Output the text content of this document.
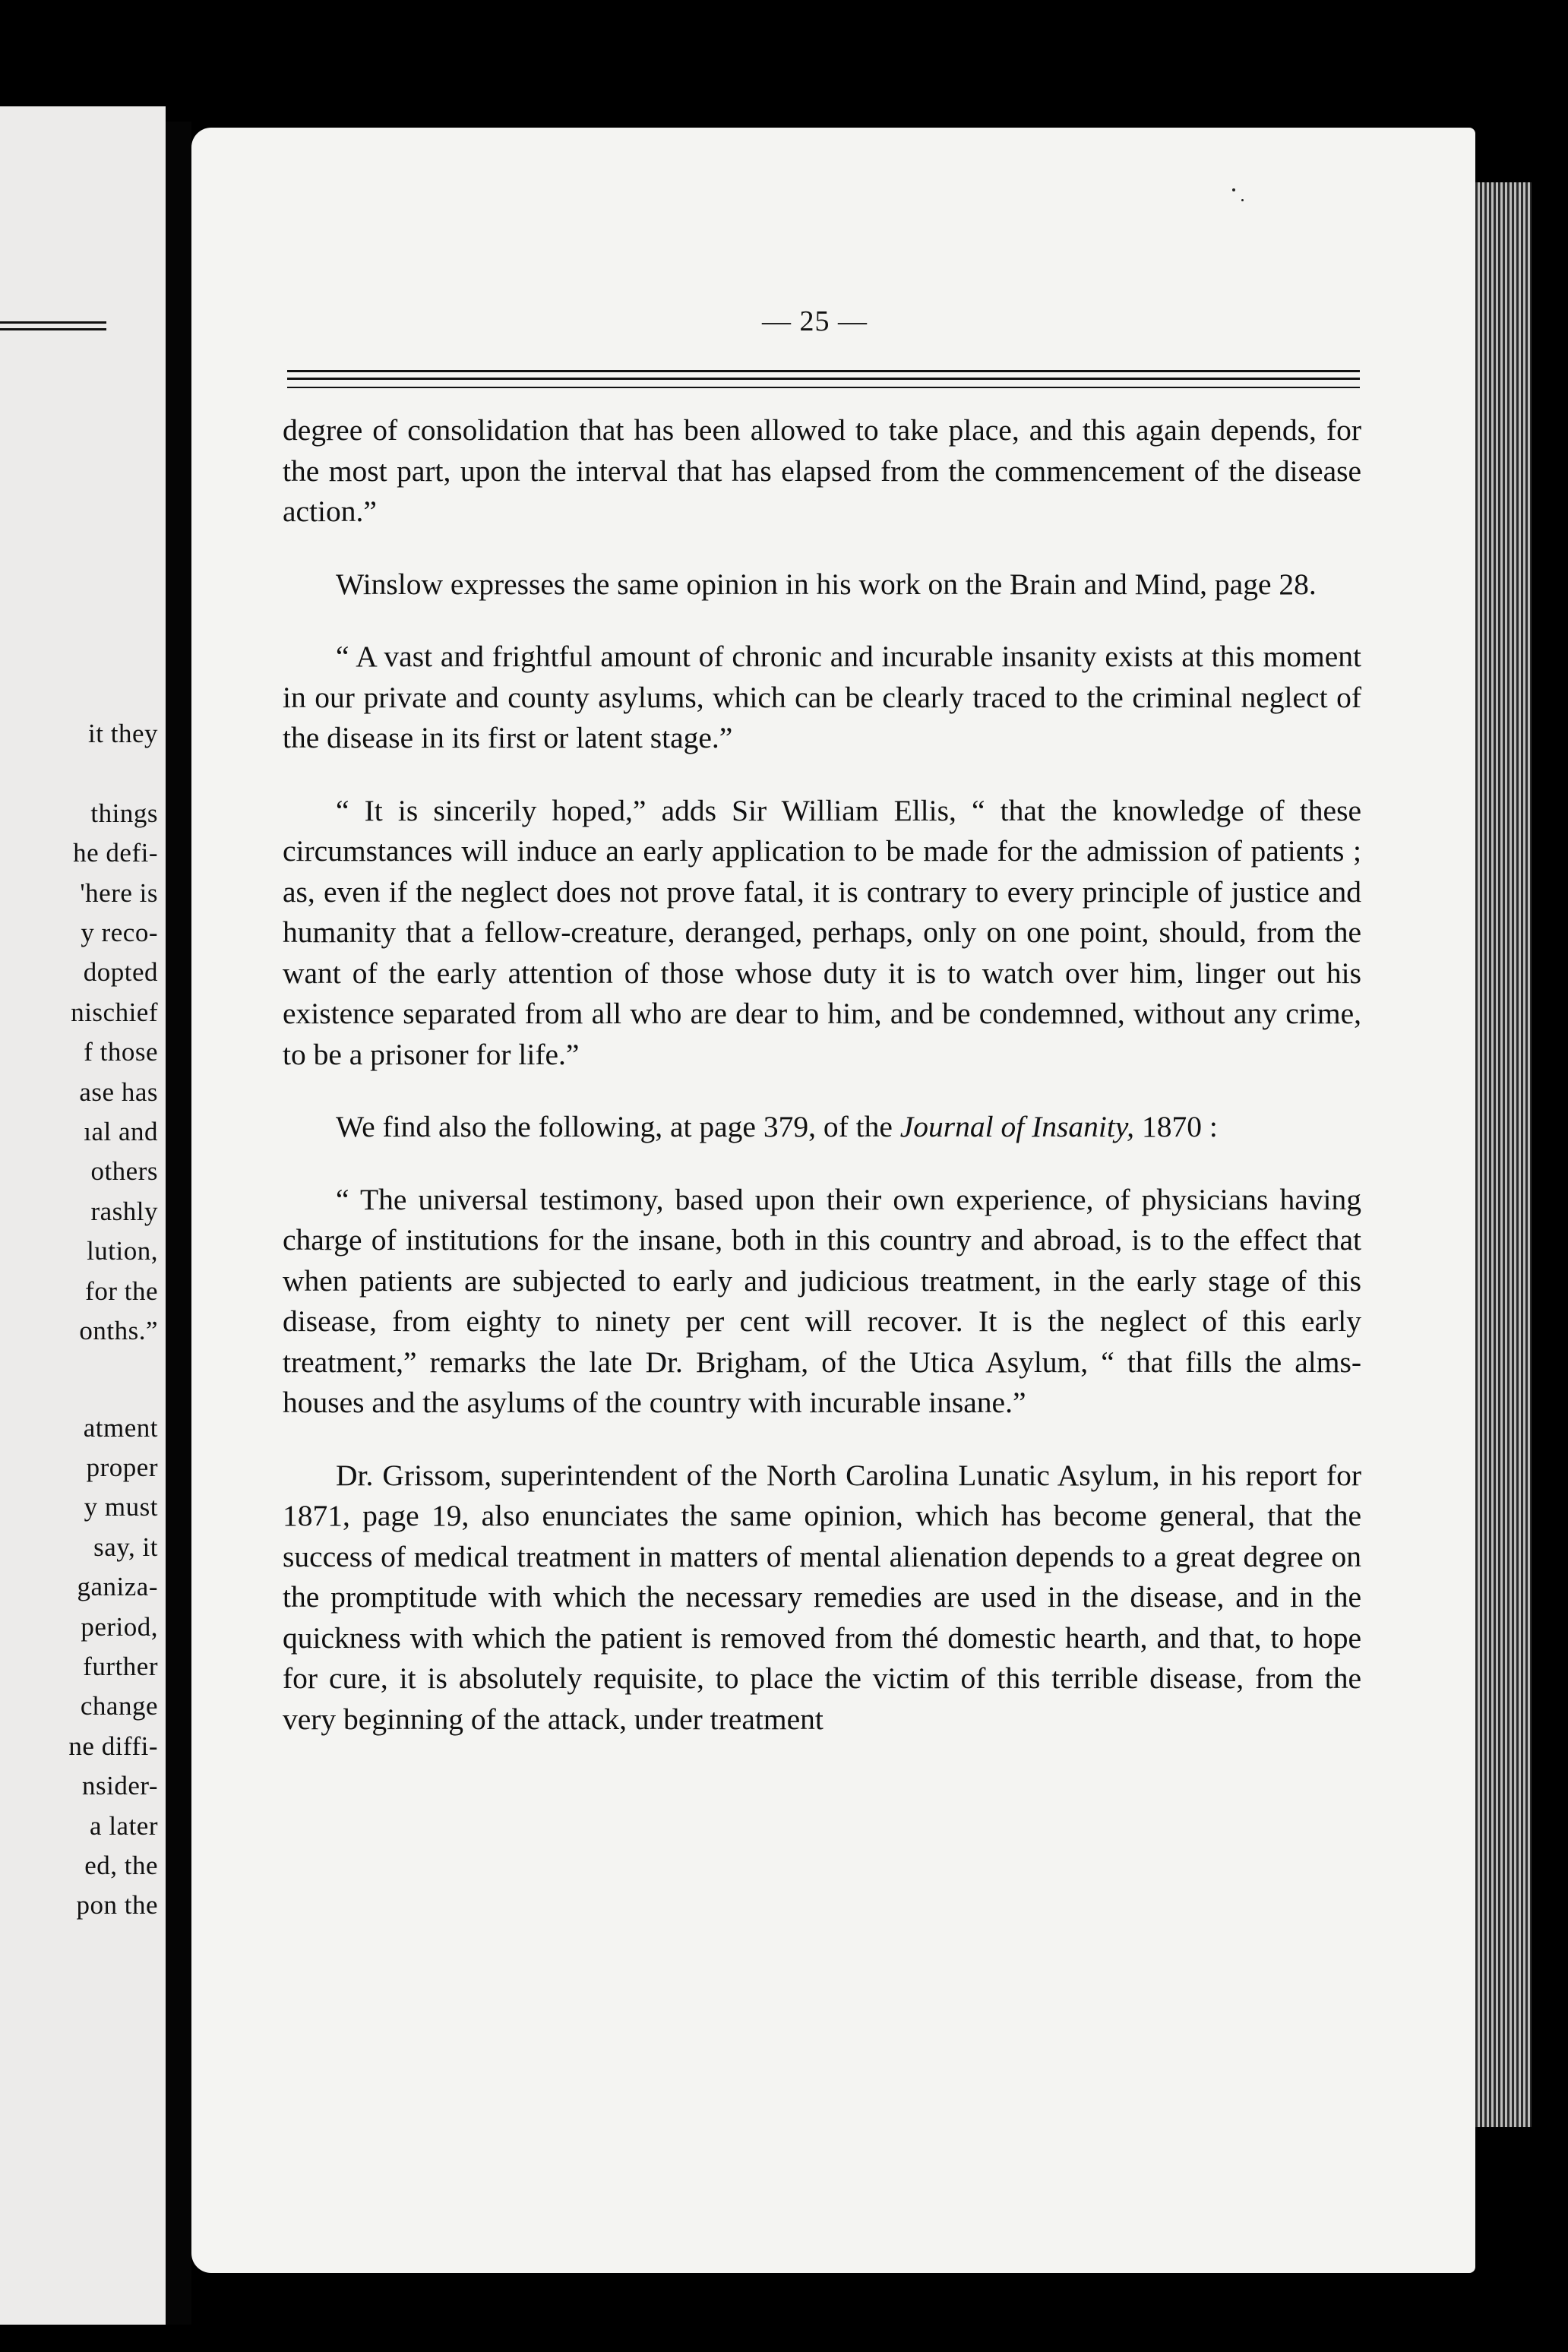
it they

things
he defi-
'here is
y reco-
dopted
nischief
f those
ase has
ıal and
others
rashly
lution,
for the
onths.”
atment
proper
y must
say, it
ganiza-
period,
further
change
ne diffi-
nsider-
a later
ed, the
pon the
— 25 —

degree of consolidation that has been allowed to take place, and this again depends, for the most part, upon the interval that has elapsed from the commencement of the disease action.”

Winslow expresses the same opinion in his work on the Brain and Mind, page 28.

“ A vast and frightful amount of chronic and incurable insanity exists at this moment in our private and county asylums, which can be clearly traced to the criminal neglect of the disease in its first or latent stage.”

“ It is sincerily hoped,” adds Sir William Ellis, “ that the knowledge of these circumstances will induce an early application to be made for the admission of patients ; as, even if the neglect does not prove fatal, it is contrary to every principle of justice and humanity that a fellow-creature, deranged, perhaps, only on one point, should, from the want of the early attention of those whose duty it is to watch over him, linger out his existence separated from all who are dear to him, and be condemned, without any crime, to be a prisoner for life.”

We find also the following, at page 379, of the Journal of Insanity, 1870 :

“ The universal testimony, based upon their own experience, of physicians having charge of institutions for the insane, both in this country and abroad, is to the effect that when patients are subjected to early and judicious treatment, in the early stage of this disease, from eighty to ninety per cent will recover. It is the neglect of this early treatment,” remarks the late Dr. Brigham, of the Utica Asylum, “ that fills the alms-houses and the asylums of the country with incurable insane.”

Dr. Grissom, superintendent of the North Carolina Lunatic Asylum, in his report for 1871, page 19, also enunciates the same opinion, which has become general, that the success of medical treatment in matters of mental alienation depends to a great degree on the promptitude with which the necessary remedies are used in the disease, and in the quickness with which the patient is removed from thé domestic hearth, and that, to hope for cure, it is absolutely requisite, to place the victim of this terrible disease, from the very beginning of the attack, under treatment
